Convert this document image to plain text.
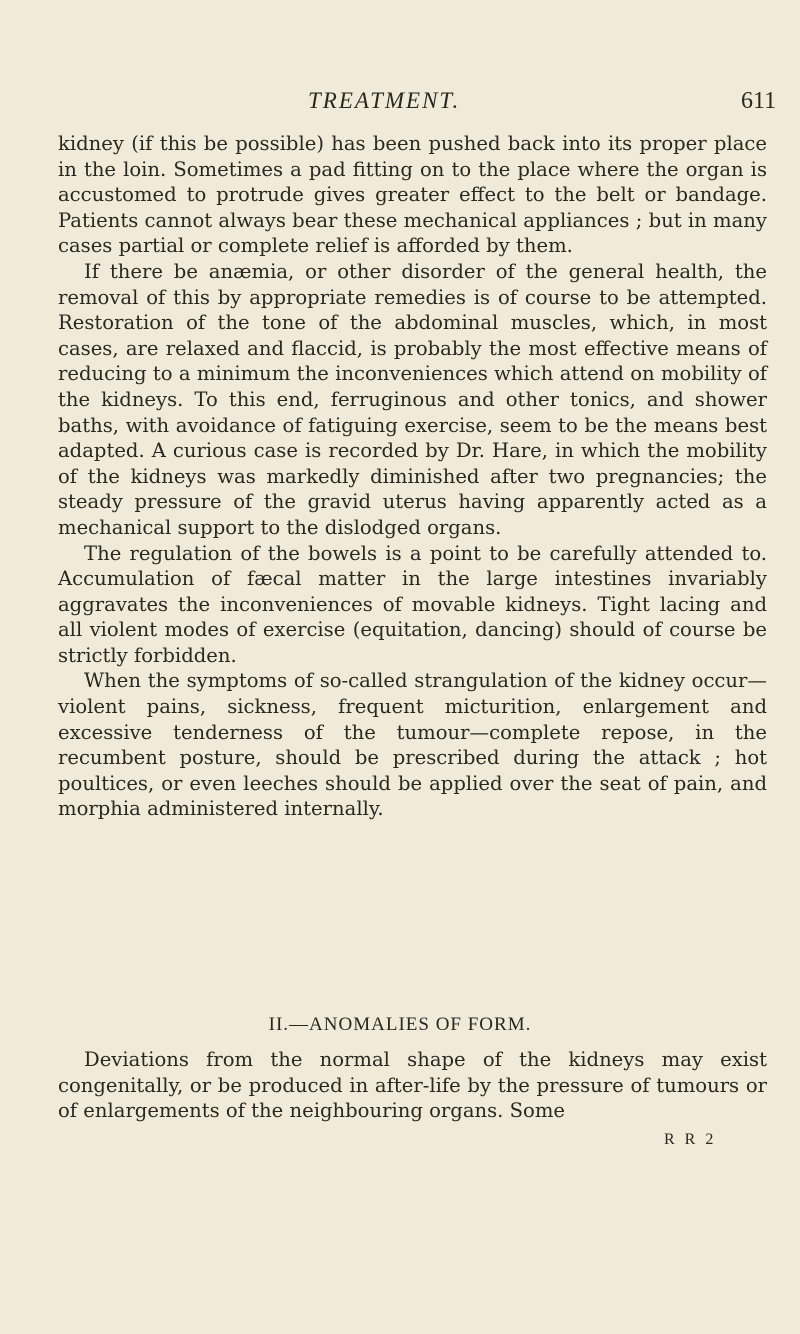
TREATMENT.	611

kidney (if this be possible) has been pushed back into its proper place in the loin. Sometimes a pad fitting on to the place where the organ is accustomed to protrude gives greater effect to the belt or bandage. Patients cannot always bear these mechanical appliances ; but in many cases partial or complete relief is afforded by them.

If there be anæmia, or other disorder of the general health, the removal of this by appropriate remedies is of course to be attempted. Restoration of the tone of the abdominal muscles, which, in most cases, are relaxed and flaccid, is probably the most effective means of reducing to a minimum the inconveniences which attend on mobility of the kidneys. To this end, ferruginous and other tonics, and shower baths, with avoidance of fatiguing exercise, seem to be the means best adapted. A curious case is recorded by Dr. Hare, in which the mobility of the kidneys was markedly diminished after two pregnancies; the steady pressure of the gravid uterus having apparently acted as a mechanical support to the dislodged organs.

The regulation of the bowels is a point to be carefully attended to. Accumulation of fæcal matter in the large intestines invariably aggravates the inconveniences of movable kidneys. Tight lacing and all violent modes of exercise (equitation, dancing) should of course be strictly forbidden.

When the symptoms of so-called strangulation of the kidney occur—violent pains, sickness, frequent micturition, enlargement and excessive tenderness of the tumour—complete repose, in the recumbent posture, should be prescribed during the attack ; hot poultices, or even leeches should be applied over the seat of pain, and morphia administered internally.

II.—ANOMALIES OF FORM.

Deviations from the normal shape of the kidneys may exist congenitally, or be produced in after-life by the pressure of tumours or of enlargements of the neighbouring organs. Some

R R 2
